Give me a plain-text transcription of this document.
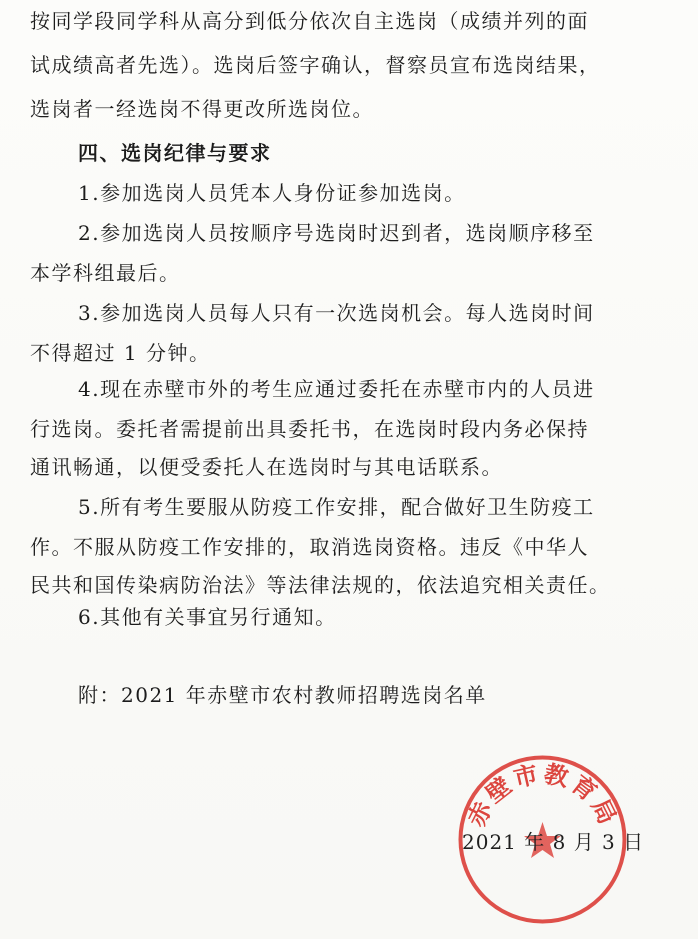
按同学段同学科从高分到低分依次自主选岗（成绩并列的面
试成绩高者先选）。选岗后签字确认，督察员宣布选岗结果，
选岗者一经选岗不得更改所选岗位。
四、选岗纪律与要求
1.参加选岗人员凭本人身份证参加选岗。
2.参加选岗人员按顺序号选岗时迟到者，选岗顺序移至
本学科组最后。
3.参加选岗人员每人只有一次选岗机会。每人选岗时间
不得超过 1 分钟。
4.现在赤壁市外的考生应通过委托在赤壁市内的人员进
行选岗。委托者需提前出具委托书，在选岗时段内务必保持
通讯畅通，以便受委托人在选岗时与其电话联系。
5.所有考生要服从防疫工作安排，配合做好卫生防疫工
作。不服从防疫工作安排的，取消选岗资格。违反《中华人
民共和国传染病防治法》等法律法规的，依法追究相关责任。
6.其他有关事宜另行通知。
附：2021 年赤壁市农村教师招聘选岗名单
赤壁市教育局
2021 年 8 月 3 日
